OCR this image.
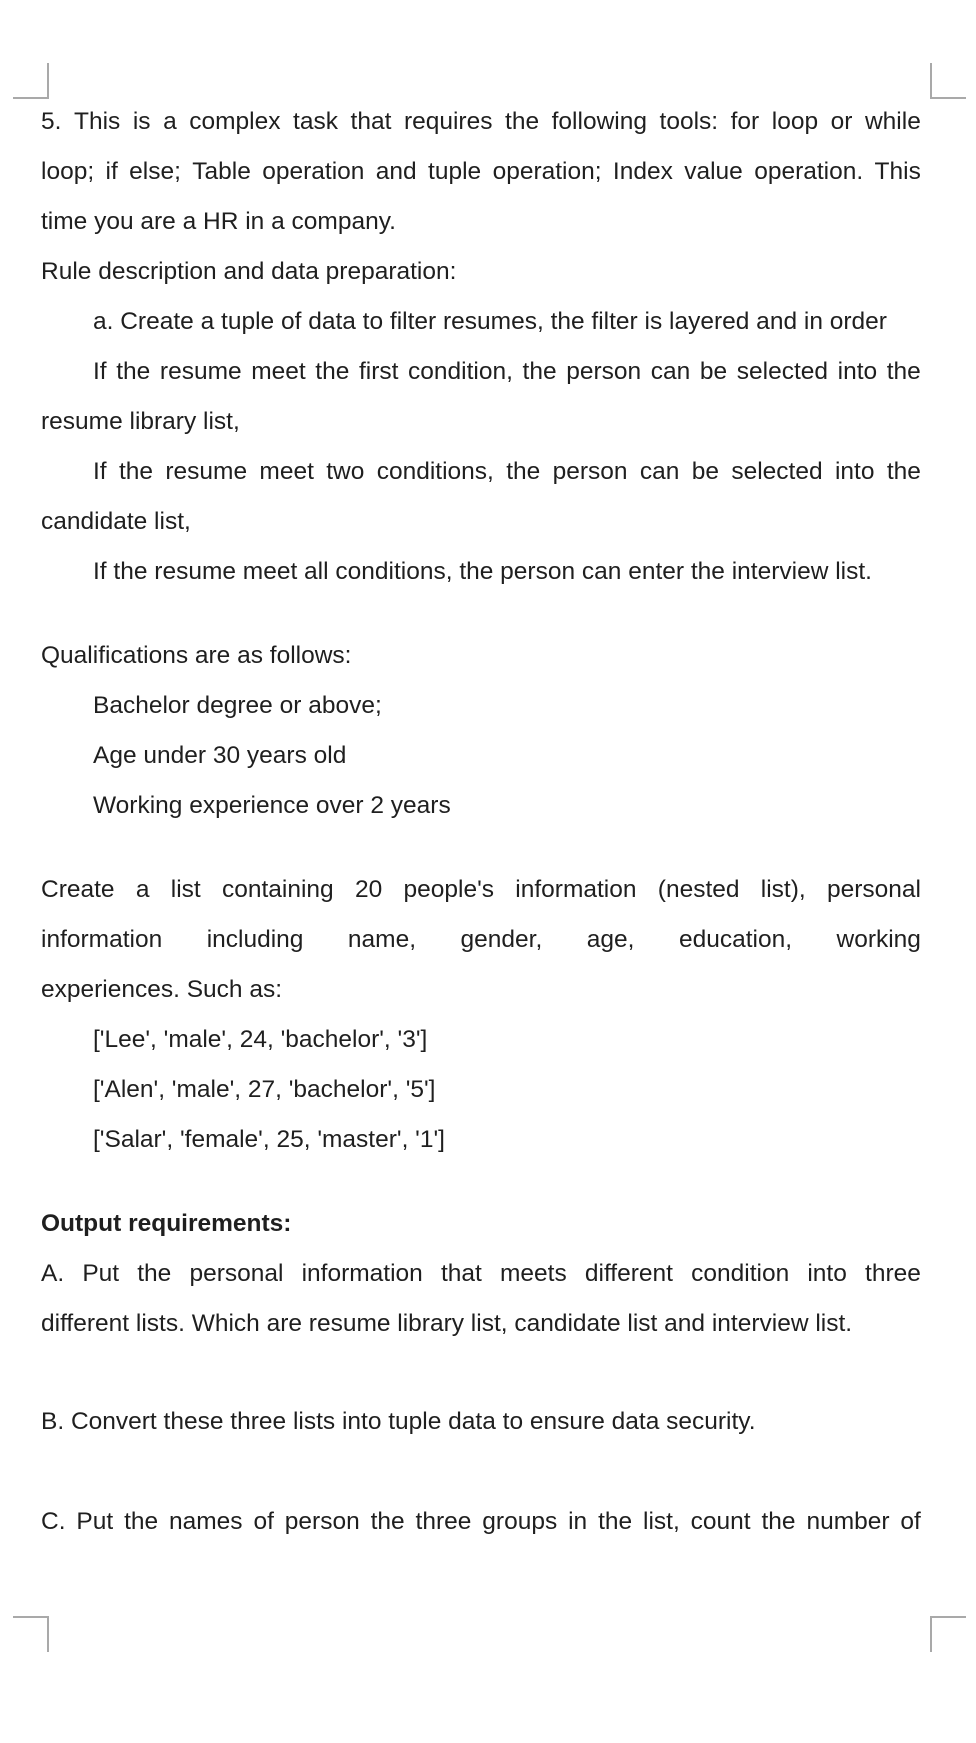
5. This is a complex task that requires the following tools: for loop or while
loop; if else; Table operation and tuple operation; Index value operation. This
time you are a HR in a company.
Rule description and data preparation:
a. Create a tuple of data to filter resumes, the filter is layered and in order
If the resume meet the first condition, the person can be selected into the
resume library list,
If the resume meet two conditions, the person can be selected into the
candidate list,
If the resume meet all conditions, the person can enter the interview list.
Qualifications are as follows:
Bachelor degree or above;
Age under 30 years old
Working experience over 2 years
Create a list containing 20 people's information (nested list), personal
information including name, gender, age, education, working
experiences. Such as:
['Lee', 'male', 24, 'bachelor', '3']
['Alen', 'male', 27, 'bachelor', '5']
['Salar', 'female', 25, 'master', '1']
Output requirements:
A. Put the personal information that meets different condition into three
different lists. Which are resume library list, candidate list and interview list.
B. Convert these three lists into tuple data to ensure data security.
C. Put the names of person the three groups in the list, count the number of
